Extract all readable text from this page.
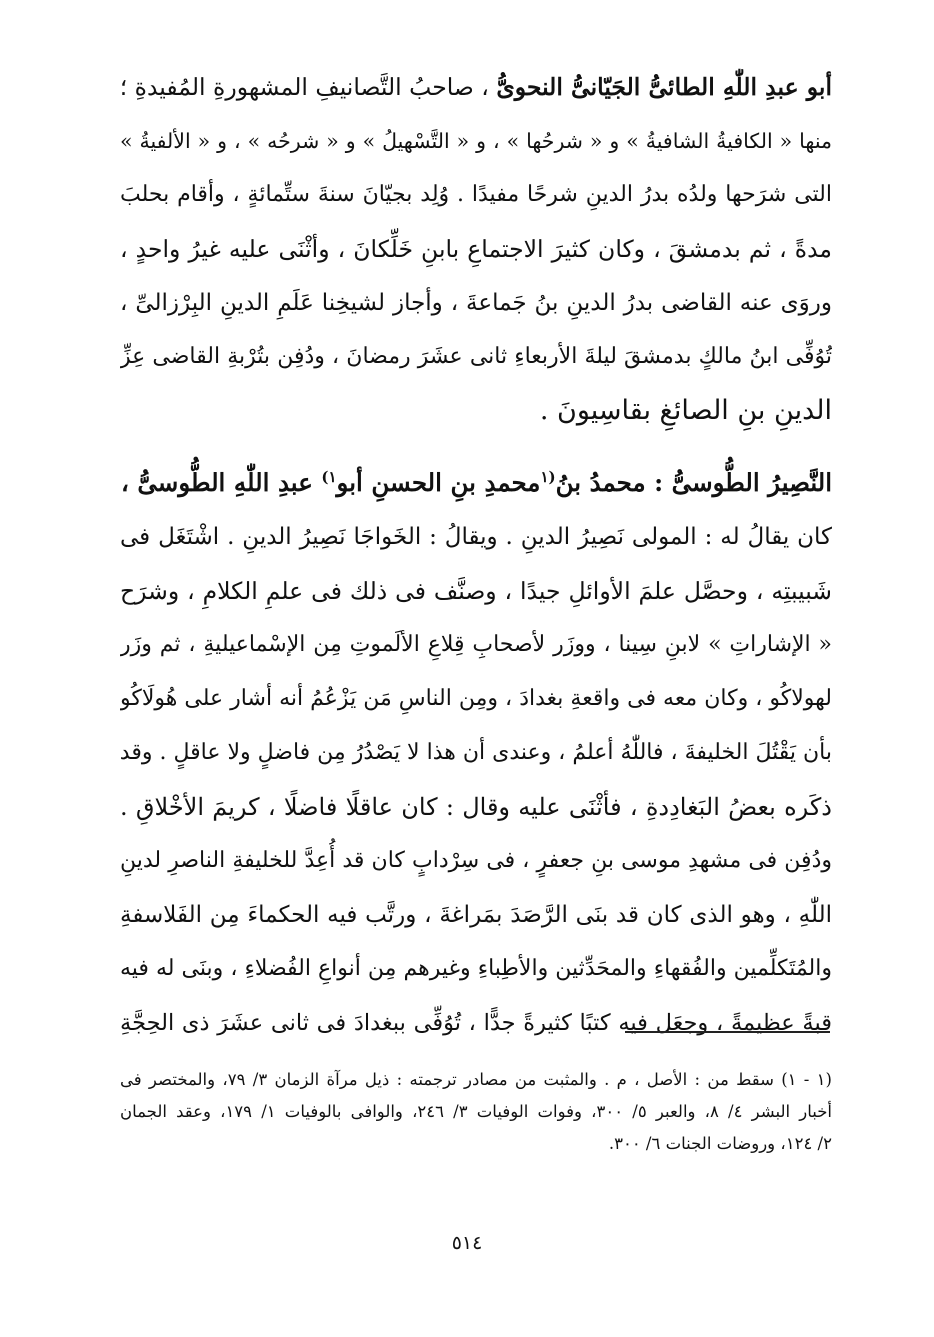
أبو عبدِ اللّٰهِ الطائىُّ الجَيّانىُّ النحوىُّ ، صاحبُ التَّصانيفِ المشهورةِ المُفيدةِ ؛
منها « الكافيةُ الشافيةُ » و « شرحُها » ، و « التَّسْهيلُ » و « شرحُه » ، و « الألفيةُ »
التى شرَحها ولدُه بدرُ الدينِ شرحًا مفيدًا . وُلِد بجيّانَ سنةَ ستِّمائةٍ ، وأقام بحلبَ
مدةً ، ثم بدمشقَ ، وكان كثيرَ الاجتماعِ بابنِ خَلِّكانَ ، وأثْنَى عليه غيرُ واحدٍ ،
وروَى عنه القاضى بدرُ الدينِ بنُ جَماعةَ ، وأجاز لشيخِنا عَلَمِ الدينِ البِرْزالىِّ ،
تُوُفِّى ابنُ مالكٍ بدمشقَ ليلةَ الأربعاءِ ثانى عشَرَ رمضانَ ، ودُفِن بتُرْبةِ القاضى عِزِّ
الدينِ بنِ الصائغِ بقاسِيونَ .
النَّصِيرُ الطُّوسىُّ : محمدُ بنُ$^{(١}$محمدِ بنِ الحسنِ أبو$^{١)}$ عبدِ اللّٰهِ الطُّوسىُّ ،
كان يقالُ له : المولى نَصِيرُ الدينِ . ويقالُ : الخَواجَا نَصِيرُ الدينِ . اشْتَغَل فى
شَبيبتِه ، وحصَّل علمَ الأوائلِ جيدًا ، وصنَّف فى ذلك فى علمِ الكلامِ ، وشرَح
« الإشاراتِ » لابنِ سِينا ، ووزَر لأصحابِ قِلاعِ الألَموتِ مِن الإسْماعيليةِ ، ثم وزَر
لهولاكُو ، وكان معه فى واقعةِ بغدادَ ، ومِن الناسِ مَن يَزْعُمُ أنه أشار على هُولَاكُو
بأن يَقْتُلَ الخليفةَ ، فاللّٰهُ أعلمُ ، وعندى أن هذا لا يَصْدُرُ مِن فاضلٍ ولا عاقلٍ . وقد
ذكَره بعضُ البَغادِدةِ ، فأثْنَى عليه وقال : كان عاقلًا فاضلًا ، كريمَ الأخْلاقِ .
ودُفِن فى مشهدِ موسى بنِ جعفرٍ ، فى سِرْدابٍ كان قد أُعِدَّ للخليفةِ الناصرِ لدينِ
اللّٰهِ ، وهو الذى كان قد بنَى الرَّصَدَ بمَراغةَ ، ورتَّب فيه الحكماءَ مِن الفَلاسفةِ
والمُتَكلِّمين والفُقهاءِ والمحَدِّثين والأطِباءِ وغيرهم مِن أنواعِ الفُضلاءِ ، وبنَى له فيه
قبةً عظيمةً ، وجعَل فيه كتبًا كثيرةً جدًّا ، تُوُفِّى ببغدادَ فى ثانى عشَرَ ذى الحِجَّةِ
(١ - ١) سقط من : الأصل ، م . والمثبت من مصادر ترجمته : ذيل مرآة الزمان ٣/ ٧٩، والمختصر فى
أخبار البشر ٤/ ٨، والعبر ٥/ ٣٠٠، وفوات الوفيات ٣/ ٢٤٦، والوافى بالوفيات ١/ ١٧٩، وعقد الجمان
٢/ ١٢٤، وروضات الجنات ٦/ ٣٠٠.
٥١٤
